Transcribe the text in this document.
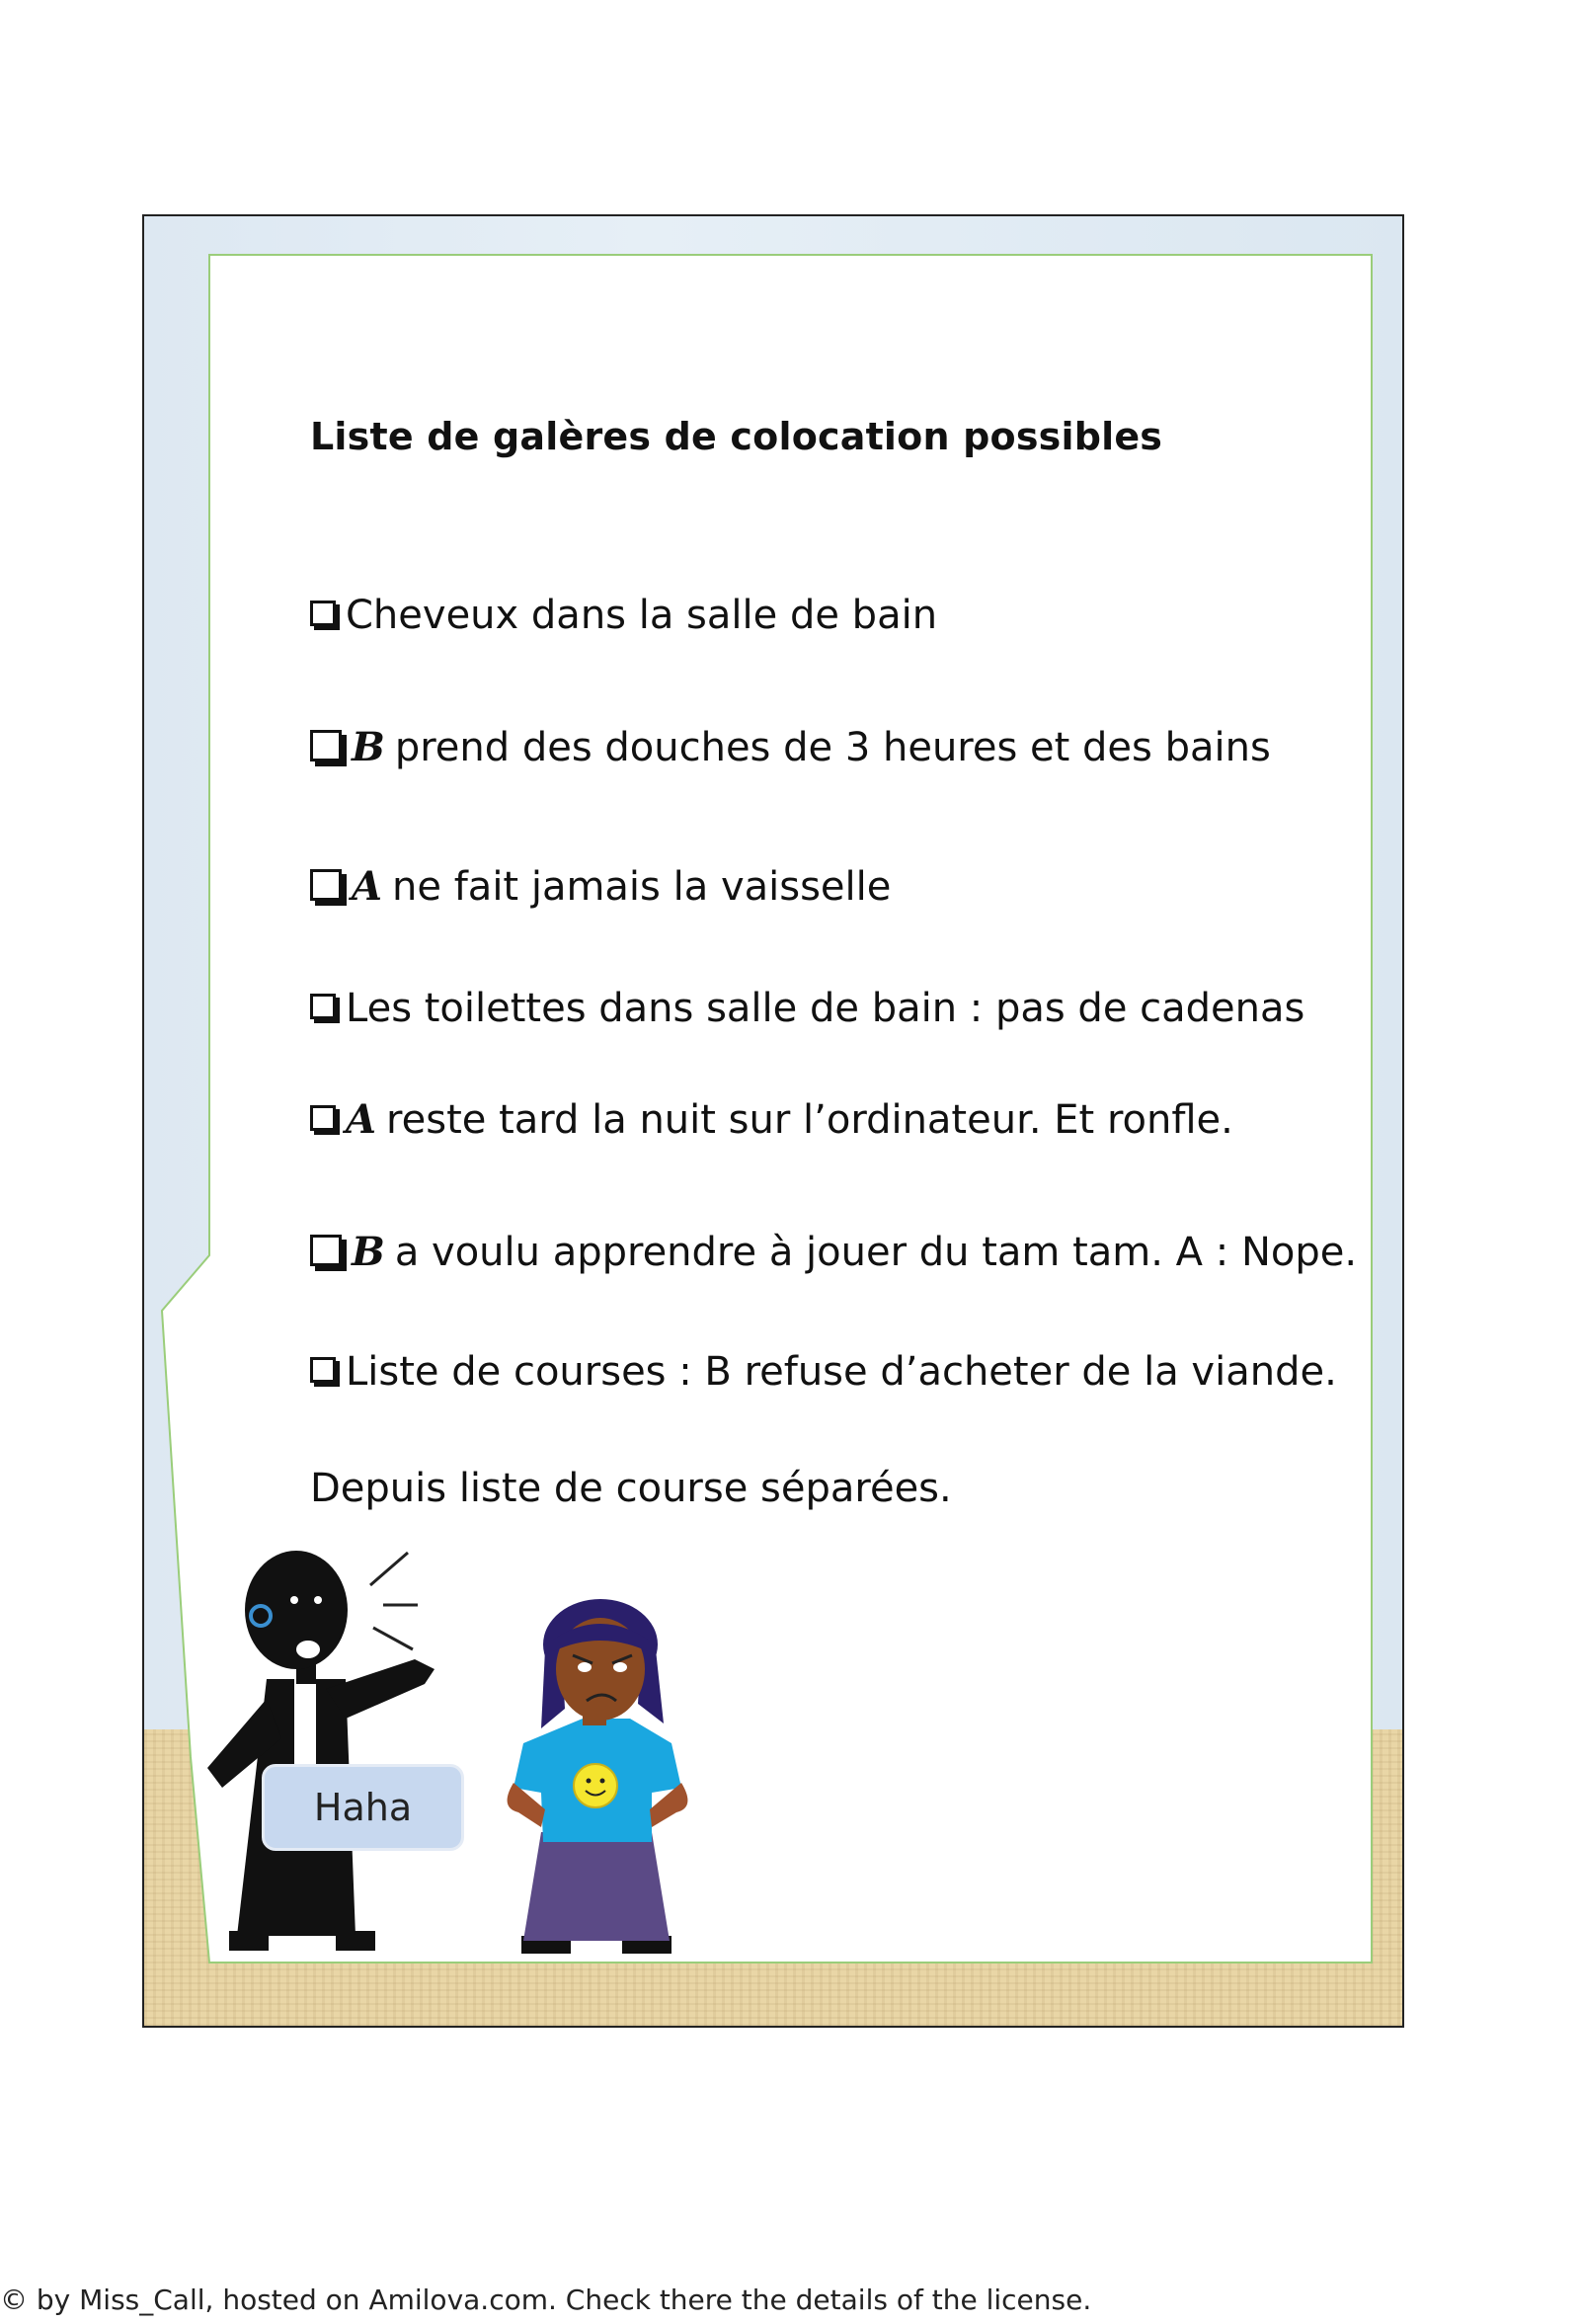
Liste de galères de colocation possibles
Cheveux dans la salle de bain
B prend des douches de 3 heures et des bains
A ne fait jamais la vaisselle
Les toilettes dans salle de bain : pas de cadenas
A reste tard la nuit sur l’ordinateur. Et ronfle.
B a voulu apprendre à jouer du tam tam. A : Nope.
Liste de courses : B refuse d’acheter de la viande.
Depuis liste de course séparées.
Haha
© by Miss_Call, hosted on Amilova.com. Check there the details of the license.
